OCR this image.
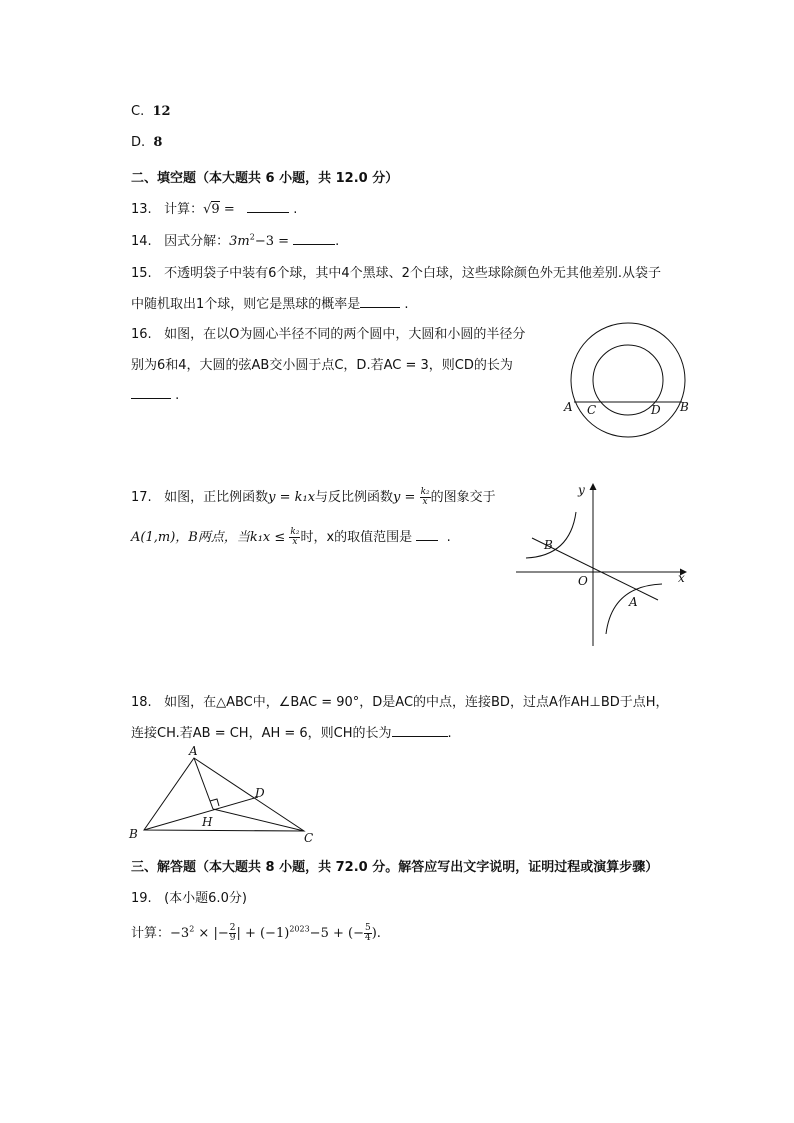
C. 12
D. 8
二、填空题（本大题共 6 小题，共 12.0 分）
13. 计算：√9 =	.
14. 因式分解：$3m^2-3$ =	.
15. 不透明袋子中装有6个球，其中4个黑球、2个白球，这些球除颜色外无其他差别.从袋子
中随机取出1个球，则它是黑球的概率是	.
16. 如图，在以O为圆心半径不同的两个圆中，大圆和小圆的半径分
别为6和4，大圆的弦AB交小圆于点C，D.若AC = 3，则CD的长为
.
A C	D B
17. 如图，正比例函数y = k₁x与反比例函数$y = \frac{\text{k₂}}{x}$ 的图象交于
A(1,m)，B两点，当$k_1x \le \frac{\text{k₂}}{x}$ 时，x的取值范围是	.
y
x
O
B
A
18. 如图，在△ABC中，∠BAC = 90°，D是AC的中点，连接BD，过点A作AH⊥BD于点H，
连接CH.若AB = CH，AH = 6，则CH的长为	.
A
B	C
D
H
三、解答题（本大题共 8 小题，共 72.0 分。解答应写出文字说明，证明过程或演算步骤）
19. (本小题6.0分)
计算：$-3^2$ × |− $\frac{2}{9}$ | + $(-1)^{2023}-5$ + (− $\frac{5}{4}$ ).
